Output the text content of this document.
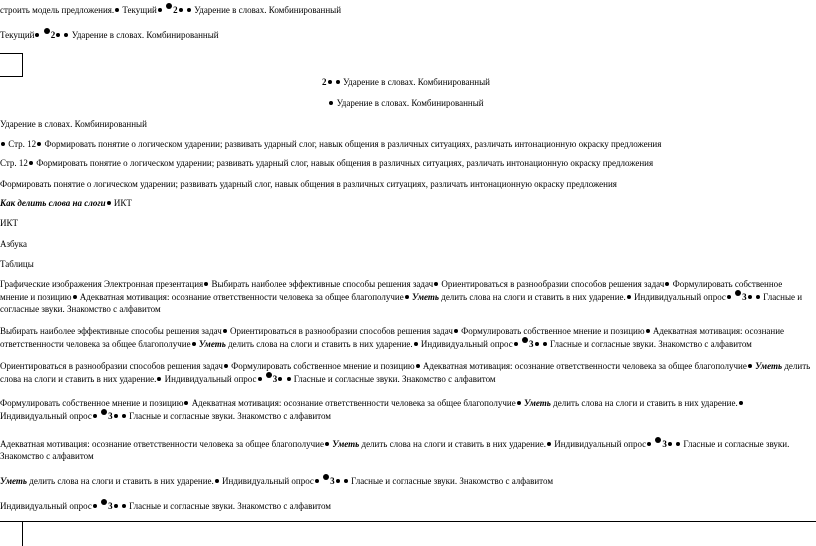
строить модель предложения. Текущий 2  Ударение в словах. Комбинированный
Текущий 2  Ударение в словах. Комбинированный
2  Ударение в словах. Комбинированный
Ударение в словах. Комбинированный
Ударение в словах. Комбинированный
Стр. 12 Формировать понятие о логическом ударении; развивать ударный слог, навык общения в различных ситуациях, различать интонационную окраску предложения
Стр. 12 Формировать понятие о логическом ударении; развивать ударный слог, навык общения в различных ситуациях, различать интонационную окраску предложения
Формировать понятие о логическом ударении; развивать ударный слог, навык общения в различных ситуациях, различать интонационную окраску предложения
Как делить слова на слоги ИКТ
ИКТ
Азбука
Таблицы
Графические изображения Электронная презентация Выбирать наиболее эффективные способы решения задач Ориентироваться в разнообразии способов решения задач Формулировать собственное мнение и позицию Адекватная мотивация: осознание ответственности человека за общее благополучие Уметь делить слова на слоги и ставить в них ударение. Индивидуальный опрос 3  Гласные и согласные звуки. Знакомство с алфавитом
Выбирать наиболее эффективные способы решения задач Ориентироваться в разнообразии способов решения задач Формулировать собственное мнение и позицию Адекватная мотивация: осознание ответственности человека за общее благополучие Уметь делить слова на слоги и ставить в них ударение. Индивидуальный опрос 3  Гласные и согласные звуки. Знакомство с алфавитом
Ориентироваться в разнообразии способов решения задач Формулировать собственное мнение и позицию Адекватная мотивация: осознание ответственности человека за общее благополучие Уметь делить слова на слоги и ставить в них ударение. Индивидуальный опрос 3  Гласные и согласные звуки. Знакомство с алфавитом
Формулировать собственное мнение и позицию Адекватная мотивация: осознание ответственности человека за общее благополучие Уметь делить слова на слоги и ставить в них ударение. Индивидуальный опрос 3  Гласные и согласные звуки. Знакомство с алфавитом
Адекватная мотивация: осознание ответственности человека за общее благополучие Уметь делить слова на слоги и ставить в них ударение. Индивидуальный опрос 3  Гласные и согласные звуки. Знакомство с алфавитом
Уметь делить слова на слоги и ставить в них ударение. Индивидуальный опрос 3  Гласные и согласные звуки. Знакомство с алфавитом
Индивидуальный опрос 3  Гласные и согласные звуки. Знакомство с алфавитом
